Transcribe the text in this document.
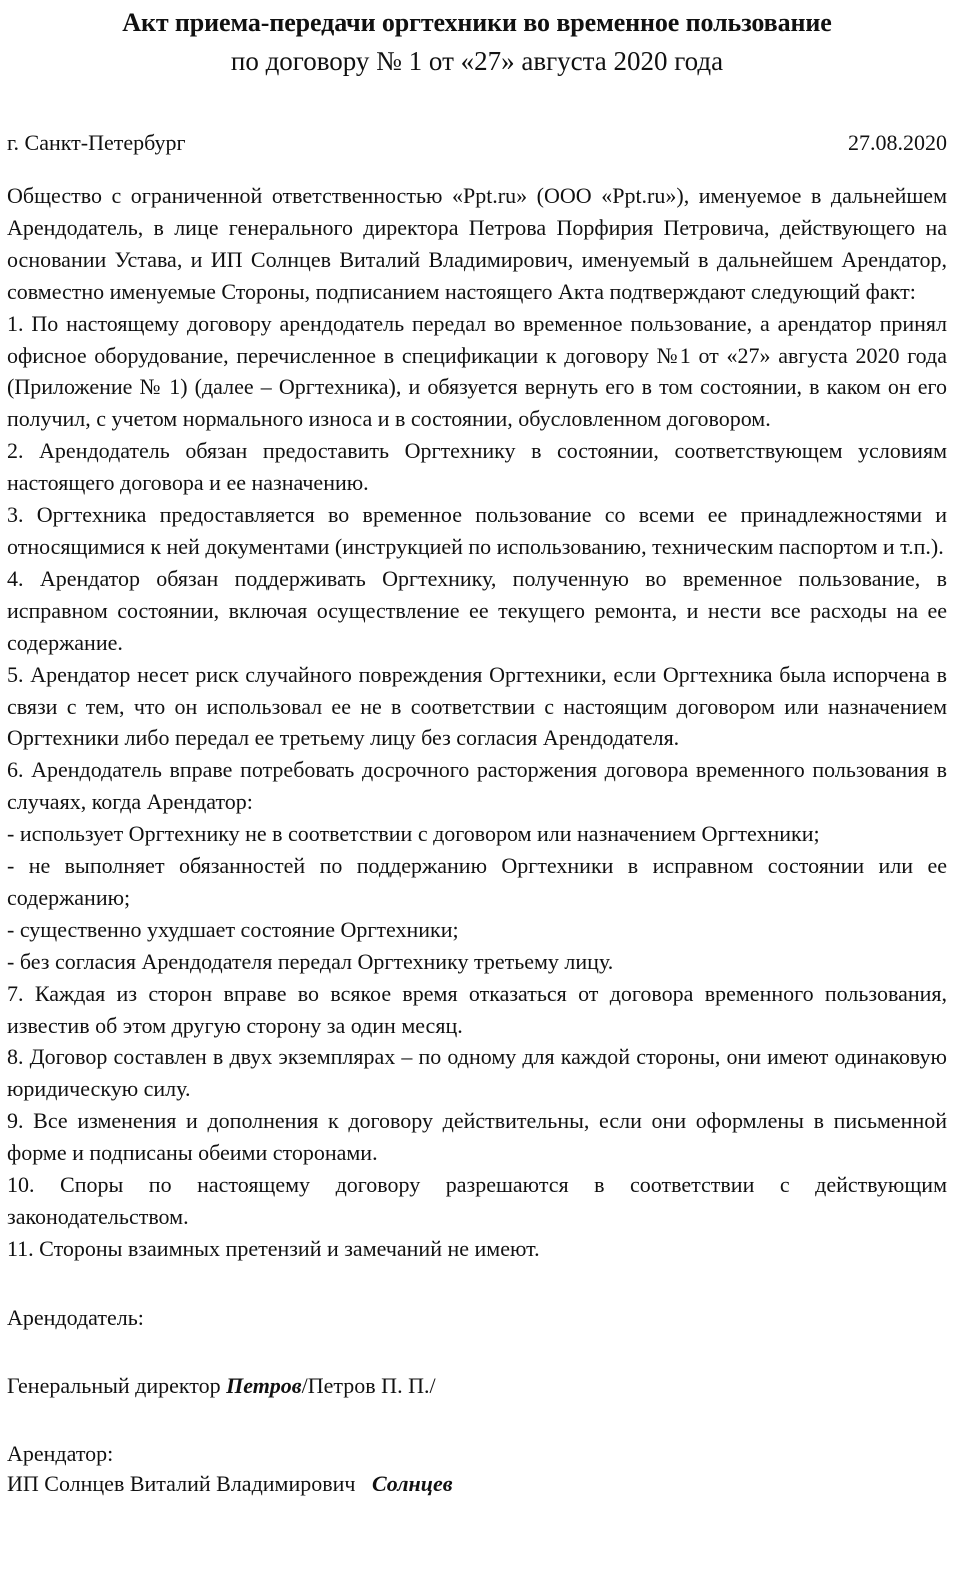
Акт приема-передачи оргтехники во временное пользование
по договору № 1 от «27» августа 2020 года
г. Санкт-Петербург	27.08.2020

Общество с ограниченной ответственностью «Ppt.ru» (ООО «Ppt.ru»), именуемое в дальнейшем Арендодатель, в лице генерального директора Петрова Порфирия Петровича, действующего на основании Устава, и ИП Солнцев Виталий Владимирович, именуемый в дальнейшем Арендатор, совместно именуемые Стороны, подписанием настоящего Акта подтверждают следующий факт:

1. По настоящему договору арендодатель передал во временное пользование, а арендатор принял офисное оборудование, перечисленное в спецификации к договору №1 от «27» августа 2020 года (Приложение № 1) (далее – Оргтехника), и обязуется вернуть его в том состоянии, в каком он его получил, с учетом нормального износа и в состоянии, обусловленном договором.

2. Арендодатель обязан предоставить Оргтехнику в состоянии, соответствующем условиям настоящего договора и ее назначению.

3. Оргтехника предоставляется во временное пользование со всеми ее принадлежностями и относящимися к ней документами (инструкцией по использованию, техническим паспортом и т.п.).

4. Арендатор обязан поддерживать Оргтехнику, полученную во временное пользование, в исправном состоянии, включая осуществление ее текущего ремонта, и нести все расходы на ее содержание.

5. Арендатор несет риск случайного повреждения Оргтехники, если Оргтехника была испорчена в связи с тем, что он использовал ее не в соответствии с настоящим договором или назначением Оргтехники либо передал ее третьему лицу без согласия Арендодателя.

6. Арендодатель вправе потребовать досрочного расторжения договора временного пользования в случаях, когда Арендатор:

- использует Оргтехнику не в соответствии с договором или назначением Оргтехники;

- не выполняет обязанностей по поддержанию Оргтехники в исправном состоянии или ее содержанию;

- существенно ухудшает состояние Оргтехники;

- без согласия Арендодателя передал Оргтехнику третьему лицу.

7. Каждая из сторон вправе во всякое время отказаться от договора временного пользования, известив об этом другую сторону за один месяц.

8. Договор составлен в двух экземплярах – по одному для каждой стороны, они имеют одинаковую юридическую силу.

9. Все изменения и дополнения к договору действительны, если они оформлены в письменной форме и подписаны обеими сторонами.

10. Споры по настоящему договору разрешаются в соответствии с действующим законодательством.

11. Стороны взаимных претензий и замечаний не имеют.

Арендодатель:
Генеральный директор Петров/Петров П. П./
Арендатор:
ИП Солнцев Виталий Владимирович Солнцев
